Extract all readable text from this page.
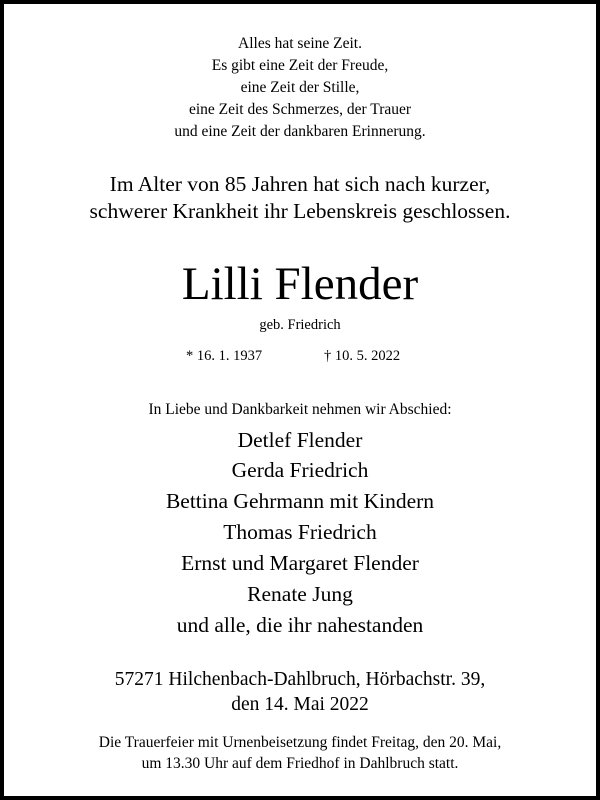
Alles hat seine Zeit.
Es gibt eine Zeit der Freude,
eine Zeit der Stille,
eine Zeit des Schmerzes, der Trauer
und eine Zeit der dankbaren Erinnerung.
Im Alter von 85 Jahren hat sich nach kurzer,
schwerer Krankheit ihr Lebenskreis geschlossen.
Lilli Flender
geb. Friedrich
* 16. 1. 1937	† 10. 5. 2022
In Liebe und Dankbarkeit nehmen wir Abschied:
Detlef Flender
Gerda Friedrich
Bettina Gehrmann mit Kindern
Thomas Friedrich
Ernst und Margaret Flender
Renate Jung
und alle, die ihr nahestanden
57271 Hilchenbach-Dahlbruch, Hörbachstr. 39,
den 14. Mai 2022
Die Trauerfeier mit Urnenbeisetzung findet Freitag, den 20. Mai,
um 13.30 Uhr auf dem Friedhof in Dahlbruch statt.
